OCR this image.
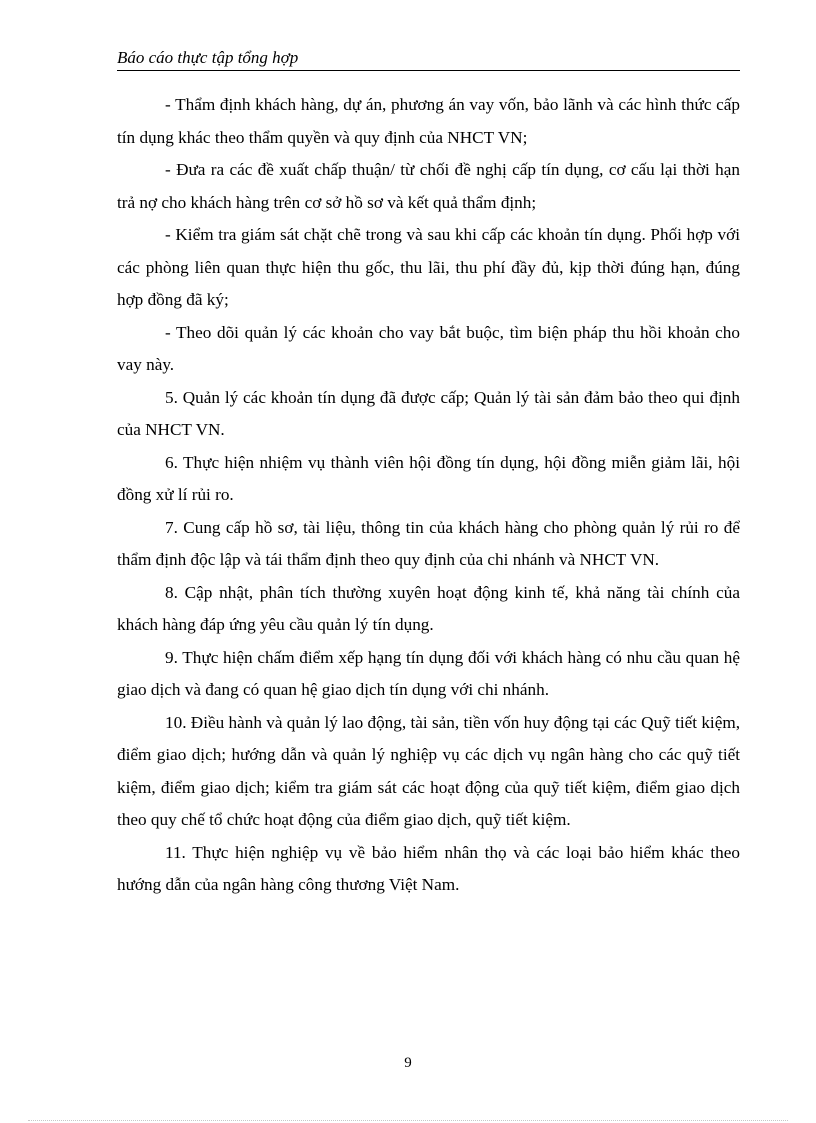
Báo cáo thực tập tổng hợp

- Thẩm định khách hàng, dự án, phương án vay vốn, bảo lãnh và các hình thức cấp tín dụng khác theo thẩm quyền và quy định của NHCT VN;

- Đưa ra các đề xuất chấp thuận/ từ chối đề nghị cấp tín dụng, cơ cấu lại thời hạn trả nợ cho khách hàng trên cơ sở hồ sơ và kết quả thẩm định;

- Kiểm tra giám sát chặt chẽ trong và sau khi cấp các khoản tín dụng. Phối hợp với các phòng liên quan thực hiện thu gốc, thu lãi, thu phí đầy đủ, kịp thời đúng hạn, đúng hợp đồng đã ký;

- Theo dõi quản lý các khoản cho vay bắt buộc, tìm biện pháp thu hồi khoản cho vay này.

5. Quản lý các khoản tín dụng đã được cấp; Quản lý tài sản đảm bảo theo qui định của NHCT VN.

6. Thực hiện nhiệm vụ thành viên hội đồng tín dụng, hội đồng miễn giảm lãi, hội đồng xử lí rủi ro.

7. Cung cấp hồ sơ, tài liệu, thông tin của khách hàng cho phòng quản lý rủi ro để thẩm định độc lập và tái thẩm định theo quy định của chi nhánh và NHCT VN.

8. Cập nhật, phân tích thường xuyên hoạt động kinh tế, khả năng tài chính của khách hàng đáp ứng yêu cầu quản lý tín dụng.

9. Thực hiện chấm điểm xếp hạng tín dụng đối với khách hàng có nhu cầu quan hệ giao dịch và đang có quan hệ giao dịch tín dụng với chi nhánh.

10. Điều hành và quản lý lao động, tài sản, tiền vốn huy động tại các Quỹ tiết kiệm, điểm giao dịch; hướng dẫn và quản lý nghiệp vụ các dịch vụ ngân hàng cho các quỹ tiết kiệm, điểm giao dịch; kiểm tra giám sát các hoạt động của quỹ tiết kiệm, điểm giao dịch theo quy chế tổ chức hoạt động của điểm giao dịch, quỹ tiết kiệm.

11. Thực hiện nghiệp vụ về bảo hiểm nhân thọ và các loại bảo hiểm khác theo hướng dẫn của ngân hàng công thương Việt Nam.

9
